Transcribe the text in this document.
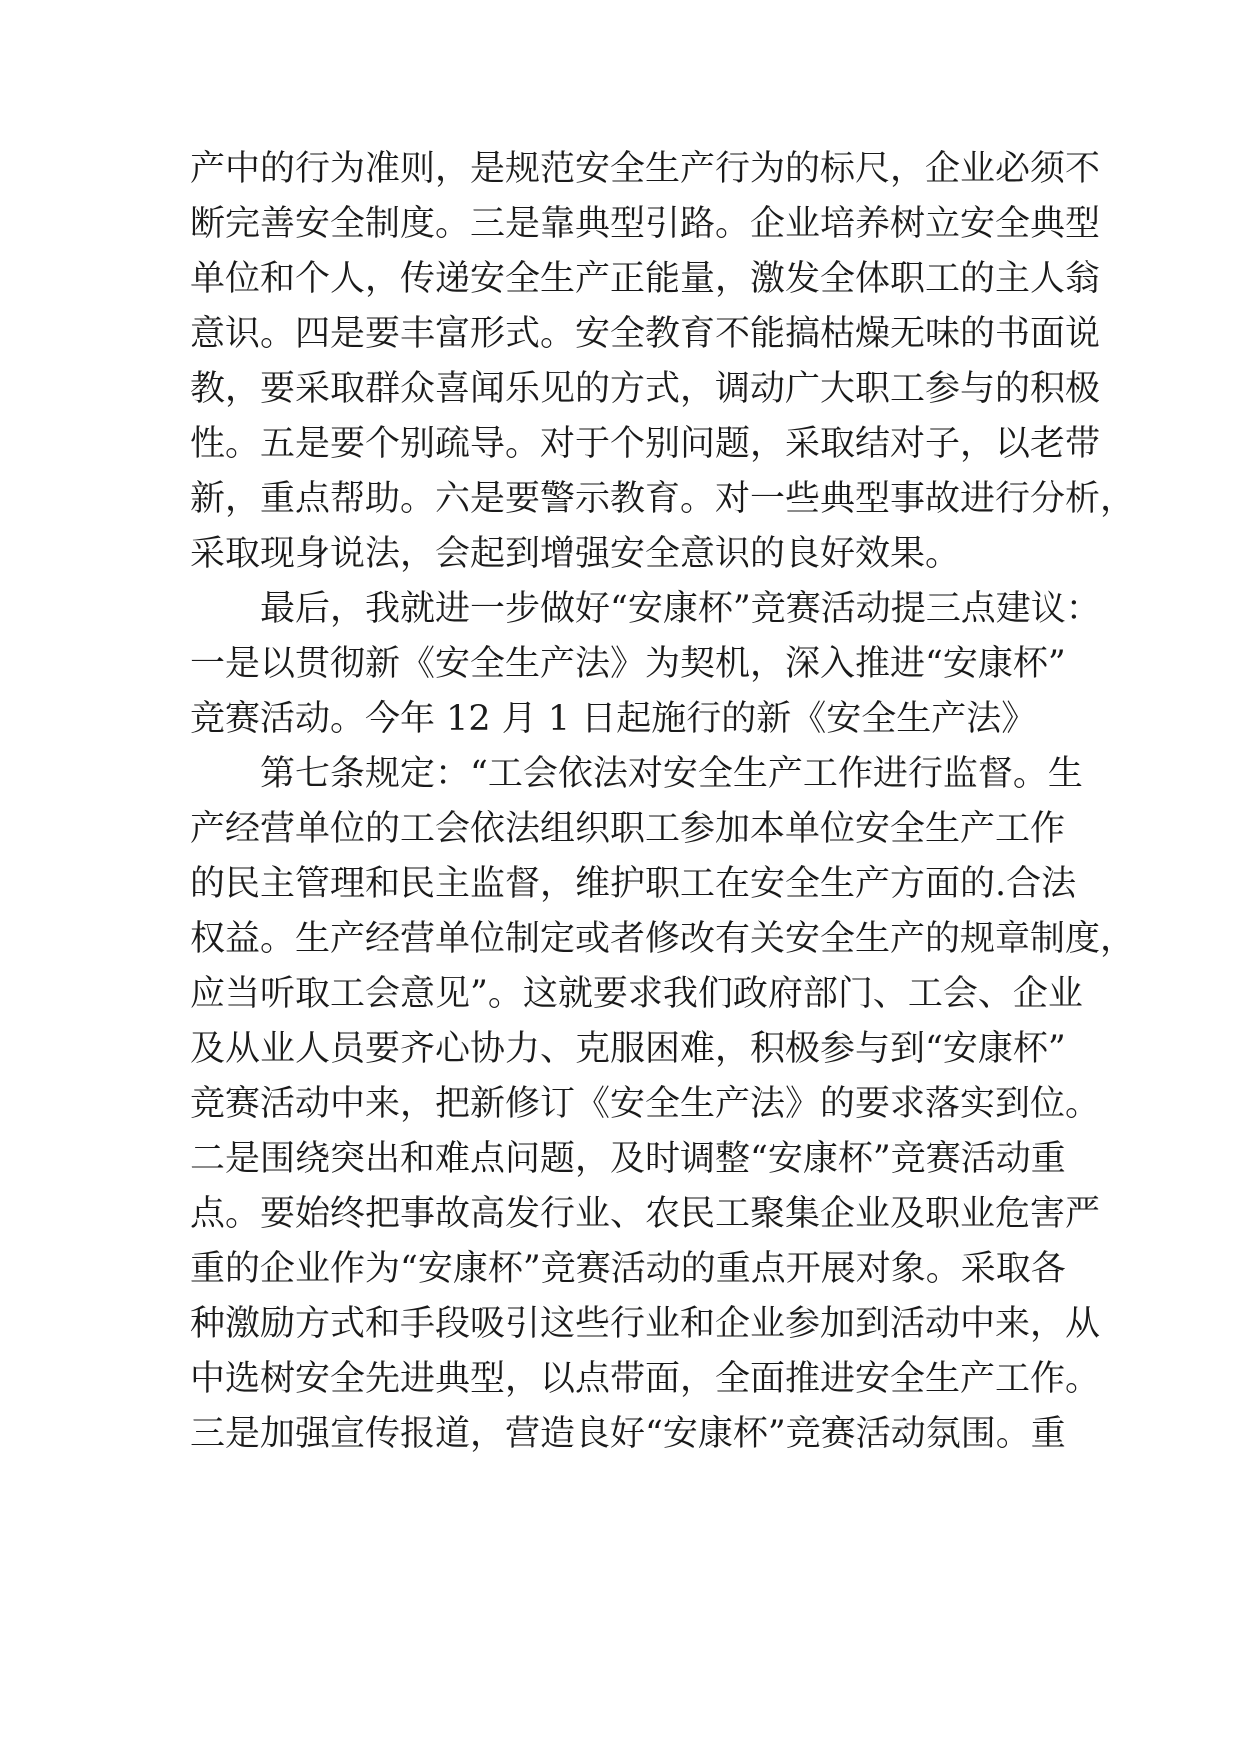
产中的行为准则，是规范安全生产行为的标尺，企业必须不
断完善安全制度。三是靠典型引路。企业培养树立安全典型
单位和个人，传递安全生产正能量，激发全体职工的主人翁
意识。四是要丰富形式。安全教育不能搞枯燥无味的书面说
教，要采取群众喜闻乐见的方式，调动广大职工参与的积极
性。五是要个别疏导。对于个别问题，采取结对子，以老带
新，重点帮助。六是要警示教育。对一些典型事故进行分析，
采取现身说法，会起到增强安全意识的良好效果。
最后，我就进一步做好“安康杯”竞赛活动提三点建议：
一是以贯彻新《安全生产法》为契机，深入推进“安康杯”
竞赛活动。今年 12 月 1 日起施行的新《安全生产法》
第七条规定：“工会依法对安全生产工作进行监督。生
产经营单位的工会依法组织职工参加本单位安全生产工作
的民主管理和民主监督，维护职工在安全生产方面的.合法
权益。生产经营单位制定或者修改有关安全生产的规章制度，
应当听取工会意见”。这就要求我们政府部门、工会、企业
及从业人员要齐心协力、克服困难，积极参与到“安康杯”
竞赛活动中来，把新修订《安全生产法》的要求落实到位。
二是围绕突出和难点问题，及时调整“安康杯”竞赛活动重
点。要始终把事故高发行业、农民工聚集企业及职业危害严
重的企业作为“安康杯”竞赛活动的重点开展对象。采取各
种激励方式和手段吸引这些行业和企业参加到活动中来，从
中选树安全先进典型，以点带面，全面推进安全生产工作。
三是加强宣传报道，营造良好“安康杯”竞赛活动氛围。重
